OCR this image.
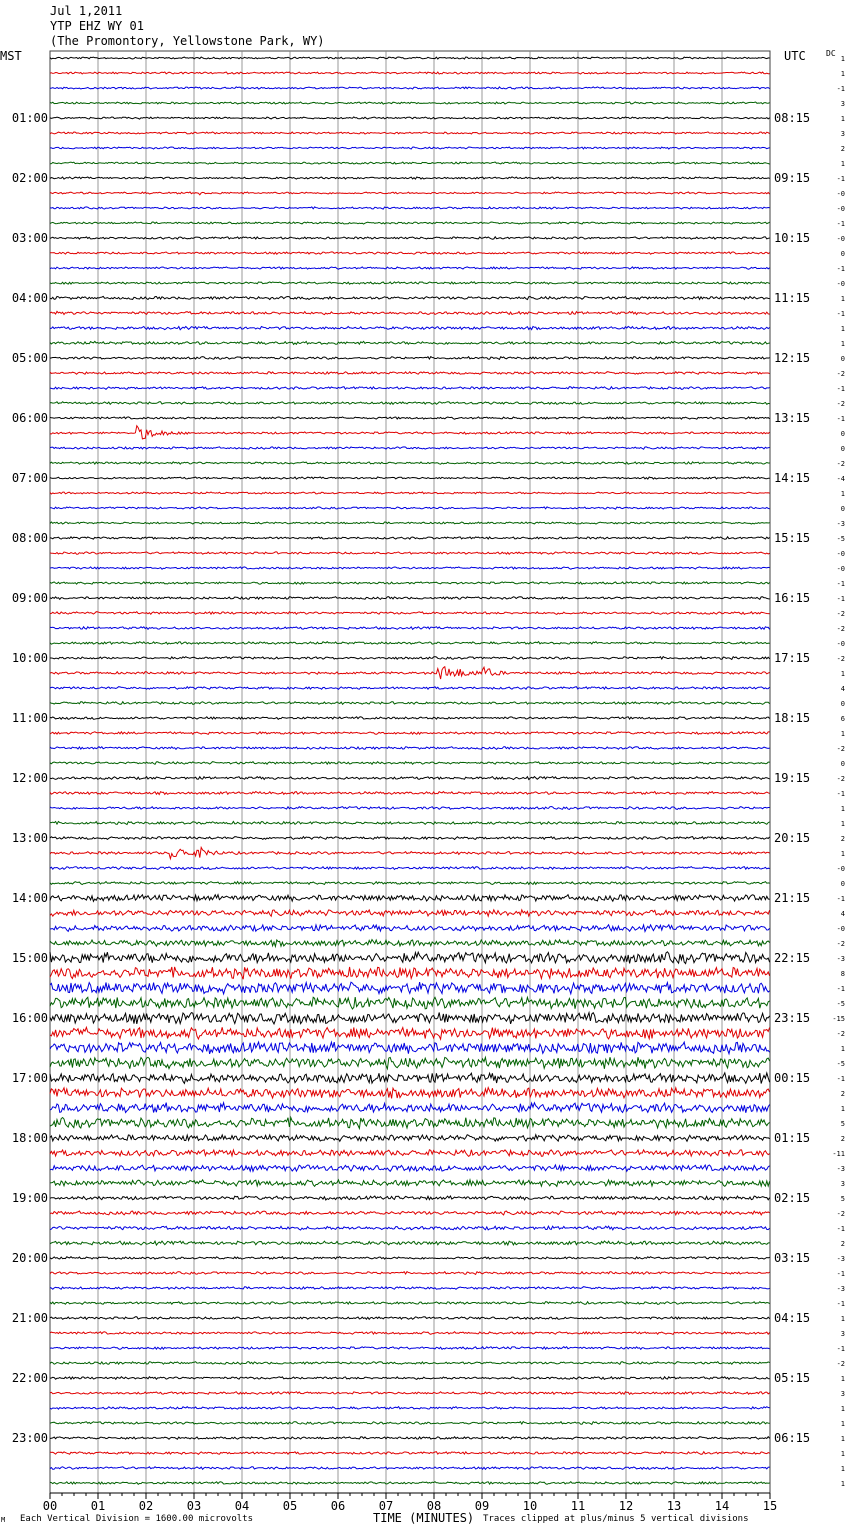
Jul 1,2011
YTP EHZ WY 01
(The Promontory, Yellowstone Park, WY)
MST	UTC	DC
01:00
02:00
03:00
04:00
05:00
06:00
07:00
08:00
09:00
10:00
11:00
12:00
13:00
14:00
15:00
16:00
17:00
18:00
19:00
20:00
21:00
22:00
23:00
08:15
09:15
10:15
11:15
12:15
13:15
14:15
15:15
16:15
17:15
18:15
19:15
20:15
21:15
22:15
23:15
00:15
01:15
02:15
03:15
04:15
05:15
06:15
1
1
-1
3
1
3
2
1
-1
-0
-0
-1
-0
0
-1
-0
1
-1
1
1
0
-2
-1
-2
-1
0
0
-2
-4
1
0
-3
-5
-0
-0
-1
-1
-2
-2
-0
-2
1
4
0
6
1
-2
0
-2
-1
1
1
2
1
-0
0
-1
4
-0
-2
-3
8
-1
-5
-15
-2
1
-5
-1
2
1
5
2
-11
-3
3
5
-2
-1
2
-3
-1
-3
-1
1
3
-1
-2
1
3
1
1
1
1
1
1
00	01	02	03	04	05	06	07	08	09	10	11	12	13	14	15
M Each Vertical Division = 1600.00 microvolts	TIME (MINUTES) Traces clipped at plus/minus 5 vertical divisions
